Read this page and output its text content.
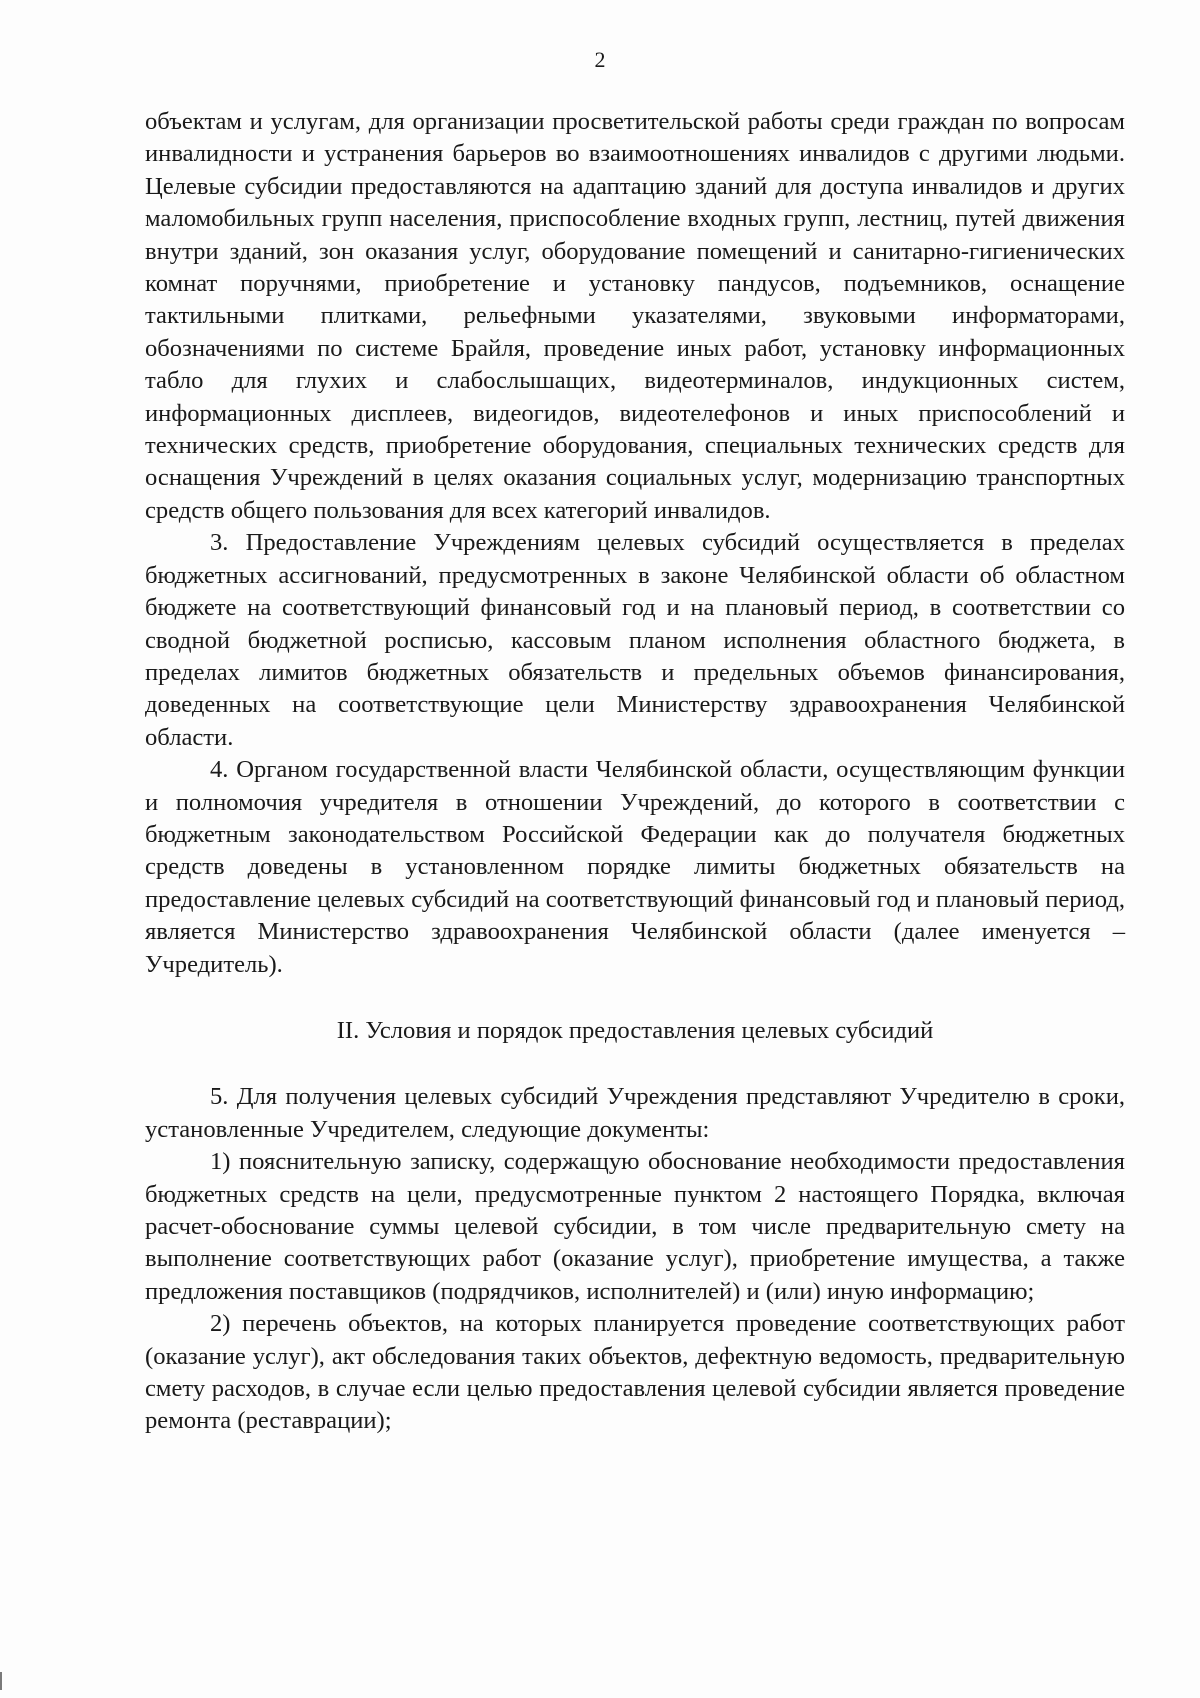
2

объектам и услугам, для организации просветительской работы среди граждан по вопросам инвалидности и устранения барьеров во взаимоотношениях инвалидов с другими людьми. Целевые субсидии предоставляются на адаптацию зданий для доступа инвалидов и других маломобильных групп населения, приспособление входных групп, лестниц, путей движения внутри зданий, зон оказания услуг, оборудование помещений и санитарно-гигиенических комнат поручнями, приобретение и установку пандусов, подъемников, оснащение тактильными плитками, рельефными указателями, звуковыми информаторами, обозначениями по системе Брайля, проведение иных работ, установку информационных табло для глухих и слабослышащих, видеотерминалов, индукционных систем, информационных дисплеев, видеогидов, видеотелефонов и иных приспособлений и технических средств, приобретение оборудования, специальных технических средств для оснащения Учреждений в целях оказания социальных услуг, модернизацию транспортных средств общего пользования для всех категорий инвалидов.

3. Предоставление Учреждениям целевых субсидий осуществляется в пределах бюджетных ассигнований, предусмотренных в законе Челябинской области об областном бюджете на соответствующий финансовый год и на плановый период, в соответствии со сводной бюджетной росписью, кассовым планом исполнения областного бюджета, в пределах лимитов бюджетных обязательств и предельных объемов финансирования, доведенных на соответствующие цели Министерству здравоохранения Челябинской области.

4. Органом государственной власти Челябинской области, осуществляющим функции и полномочия учредителя в отношении Учреждений, до которого в соответствии с бюджетным законодательством Российской Федерации как до получателя бюджетных средств доведены в установленном порядке лимиты бюджетных обязательств на предоставление целевых субсидий на соответствующий финансовый год и плановый период, является Министерство здравоохранения Челябинской области (далее именуется – Учредитель).

II. Условия и порядок предоставления целевых субсидий

5. Для получения целевых субсидий Учреждения представляют Учредителю в сроки, установленные Учредителем, следующие документы:

1) пояснительную записку, содержащую обоснование необходимости предоставления бюджетных средств на цели, предусмотренные пунктом 2 настоящего Порядка, включая расчет-обоснование суммы целевой субсидии, в том числе предварительную смету на выполнение соответствующих работ (оказание услуг), приобретение имущества, а также предложения поставщиков (подрядчиков, исполнителей) и (или) иную информацию;

2) перечень объектов, на которых планируется проведение соответствующих работ (оказание услуг), акт обследования таких объектов, дефектную ведомость, предварительную смету расходов, в случае если целью предоставления целевой субсидии является проведение ремонта (реставрации);
